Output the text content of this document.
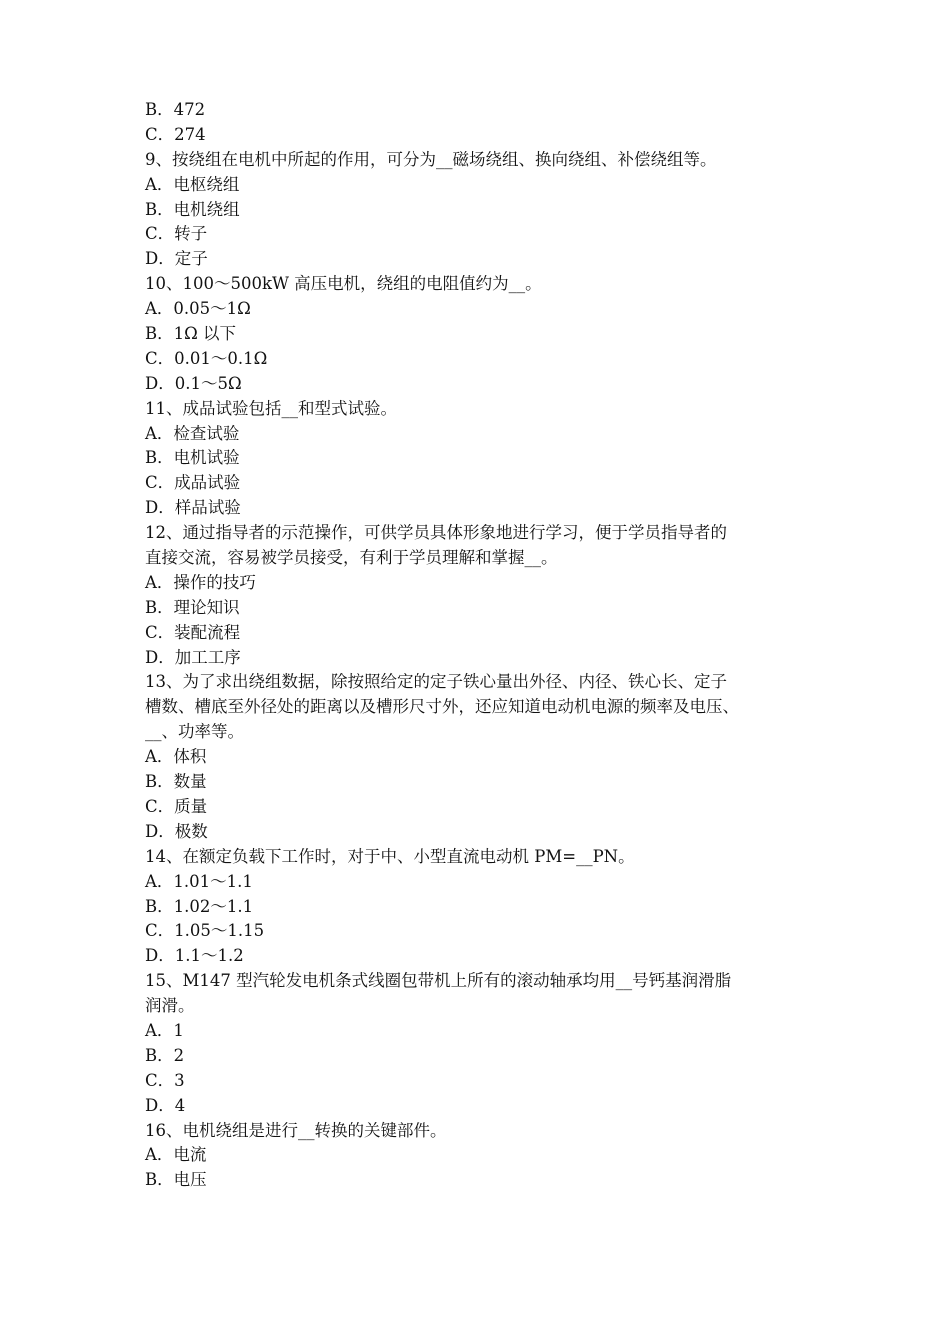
B．472
C．274
9、按绕组在电机中所起的作用，可分为__磁场绕组、换向绕组、补偿绕组等。
A．电枢绕组
B．电机绕组
C．转子
D．定子
10、100～500kW 高压电机，绕组的电阻值约为__。
A．0.05～1Ω
B．1Ω 以下
C．0.01～0.1Ω
D．0.1～5Ω
11、成品试验包括__和型式试验。
A．检查试验
B．电机试验
C．成品试验
D．样品试验
12、通过指导者的示范操作，可供学员具体形象地进行学习，便于学员指导者的
直接交流，容易被学员接受，有利于学员理解和掌握__。
A．操作的技巧
B．理论知识
C．装配流程
D．加工工序
13、为了求出绕组数据，除按照给定的定子铁心量出外径、内径、铁心长、定子
槽数、槽底至外径处的距离以及槽形尺寸外，还应知道电动机电源的频率及电压、
__、功率等。
A．体积
B．数量
C．质量
D．极数
14、在额定负载下工作时，对于中、小型直流电动机 PM=__PN。
A．1.01～1.1
B．1.02～1.1
C．1.05～1.15
D．1.1～1.2
15、M147 型汽轮发电机条式线圈包带机上所有的滚动轴承均用__号钙基润滑脂
润滑。
A．1
B．2
C．3
D．4
16、电机绕组是进行__转换的关键部件。
A．电流
B．电压
